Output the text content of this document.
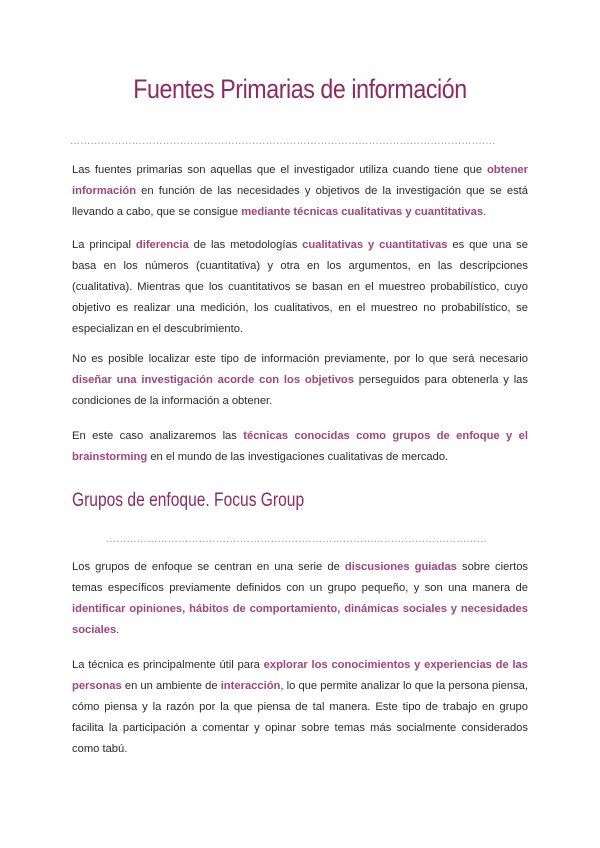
Fuentes Primarias de información
…………………………………………………………………………………………………………….

Las fuentes primarias son aquellas que el investigador utiliza cuando tiene que obtener información en función de las necesidades y objetivos de la investigación que se está llevando a cabo, que se consigue mediante técnicas cualitativas y cuantitativas.

La principal diferencia de las metodologías cualitativas y cuantitativas es que una se basa en los números (cuantitativa) y otra en los argumentos, en las descripciones (cualitativa). Mientras que los cuantitativos se basan en el muestreo probabilístico, cuyo objetivo es realizar una medición, los cualitativos, en el muestreo no probabilístico, se especializan en el descubrimiento.

No es posible localizar este tipo de información previamente, por lo que será necesario diseñar una investigación acorde con los objetivos perseguidos para obtenerla y las condiciones de la información a obtener.

En este caso analizaremos las técnicas conocidas como grupos de enfoque y el brainstorming en el mundo de las investigaciones cualitativas de mercado.

Grupos de enfoque. Focus Group
…………………………………………………………………………………………………

Los grupos de enfoque se centran en una serie de discusiones guiadas sobre ciertos temas específicos previamente definidos con un grupo pequeño, y son una manera de identificar opiniones, hábitos de comportamiento, dinámicas sociales y necesidades sociales.

La técnica es principalmente útil para explorar los conocimientos y experiencias de las personas en un ambiente de interacción, lo que permite analizar lo que la persona piensa, cómo piensa y la razón por la que piensa de tal manera. Este tipo de trabajo en grupo facilita la participación a comentar y opinar sobre temas más socialmente considerados como tabú.
